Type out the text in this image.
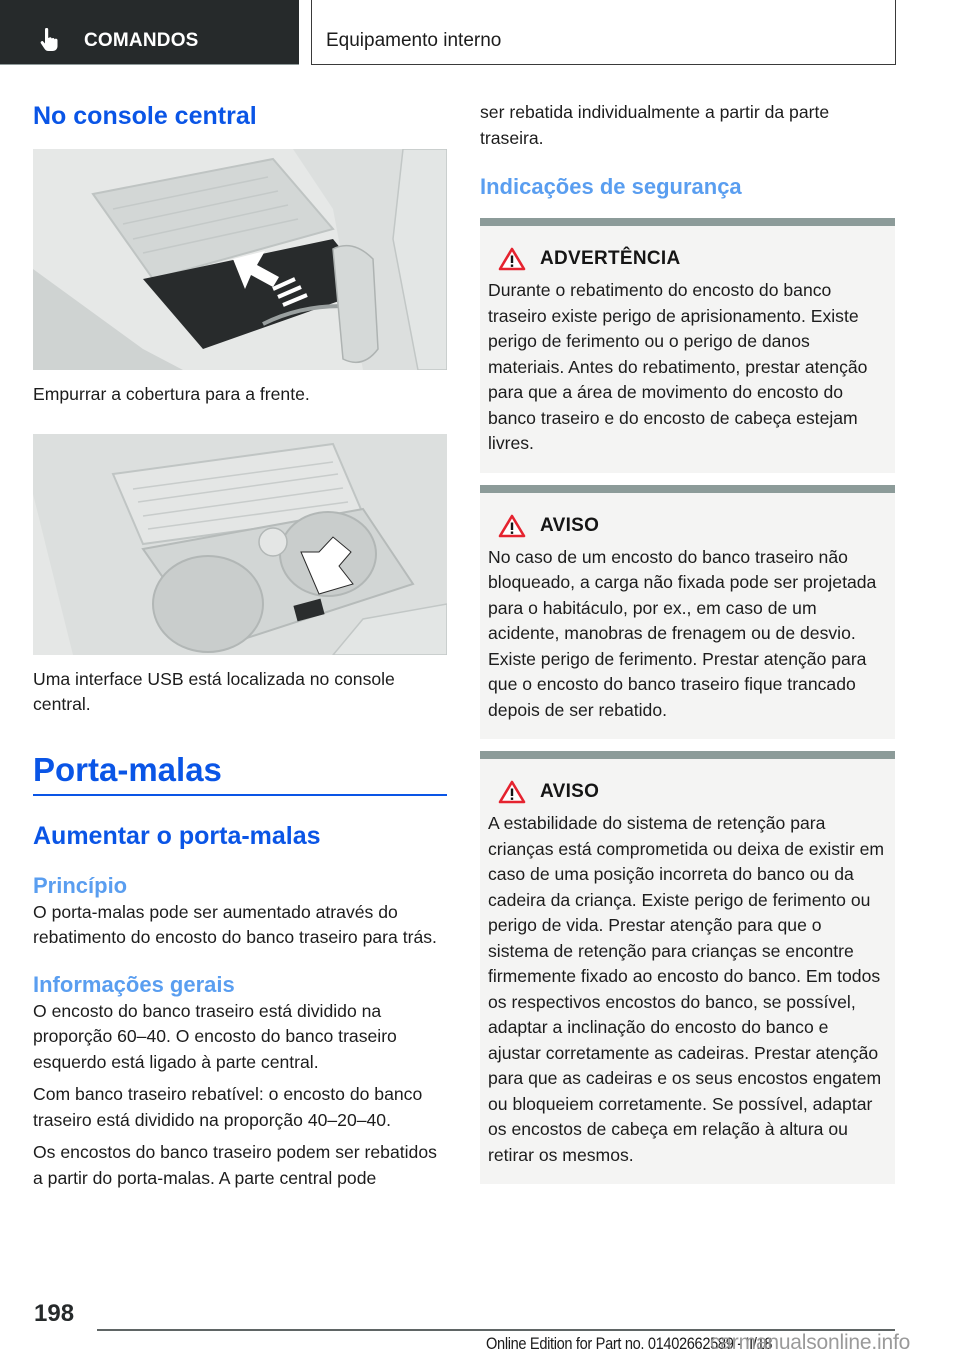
COMANDOS	Equipamento interno
No console central

Empurrar a cobertura para a frente.

Uma interface USB está localizada no console central.

Porta-malas
Aumentar o porta-malas
Princípio

O porta-malas pode ser aumentado através do rebatimento do encosto do banco traseiro para trás.

Informações gerais

O encosto do banco traseiro está dividido na proporção 60–40. O encosto do banco traseiro esquerdo está ligado à parte central.

Com banco traseiro rebatível: o encosto do banco traseiro está dividido na proporção 40–20–40.

Os encostos do banco traseiro podem ser rebatidos a partir do porta-malas. A parte central pode

ser rebatida individualmente a partir da parte traseira.

Indicações de segurança
ADVERTÊNCIA

Durante o rebatimento do encosto do banco traseiro existe perigo de aprisionamento. Existe perigo de ferimento ou o perigo de danos materiais. Antes do rebatimento, prestar atenção para que a área de movimento do encosto do banco traseiro e do encosto de cabeça estejam livres.

AVISO

No caso de um encosto do banco traseiro não bloqueado, a carga não fixada pode ser projetada para o habitáculo, por ex., em caso de um acidente, manobras de frenagem ou de desvio. Existe perigo de ferimento. Prestar atenção para que o encosto do banco traseiro fique trancado depois de ser rebatido.

AVISO

A estabilidade do sistema de retenção para crianças está comprometida ou deixa de existir em caso de uma posição incorreta do banco ou da cadeira da criança. Existe perigo de ferimento ou perigo de vida. Prestar atenção para que o sistema de retenção para crianças se encontre firmemente fixado ao encosto do banco. Em todos os respectivos encostos do banco, se possível, adaptar a inclinação do encosto do banco e ajustar corretamente as cadeiras. Prestar atenção para que as cadeiras e os seus encostos engatem ou bloqueiem corretamente. Se possível, adaptar os encostos de cabeça em relação à altura ou retirar os mesmos.

198
Online Edition for Part no. 01402662589 - II/18
carmanualsonline.info
